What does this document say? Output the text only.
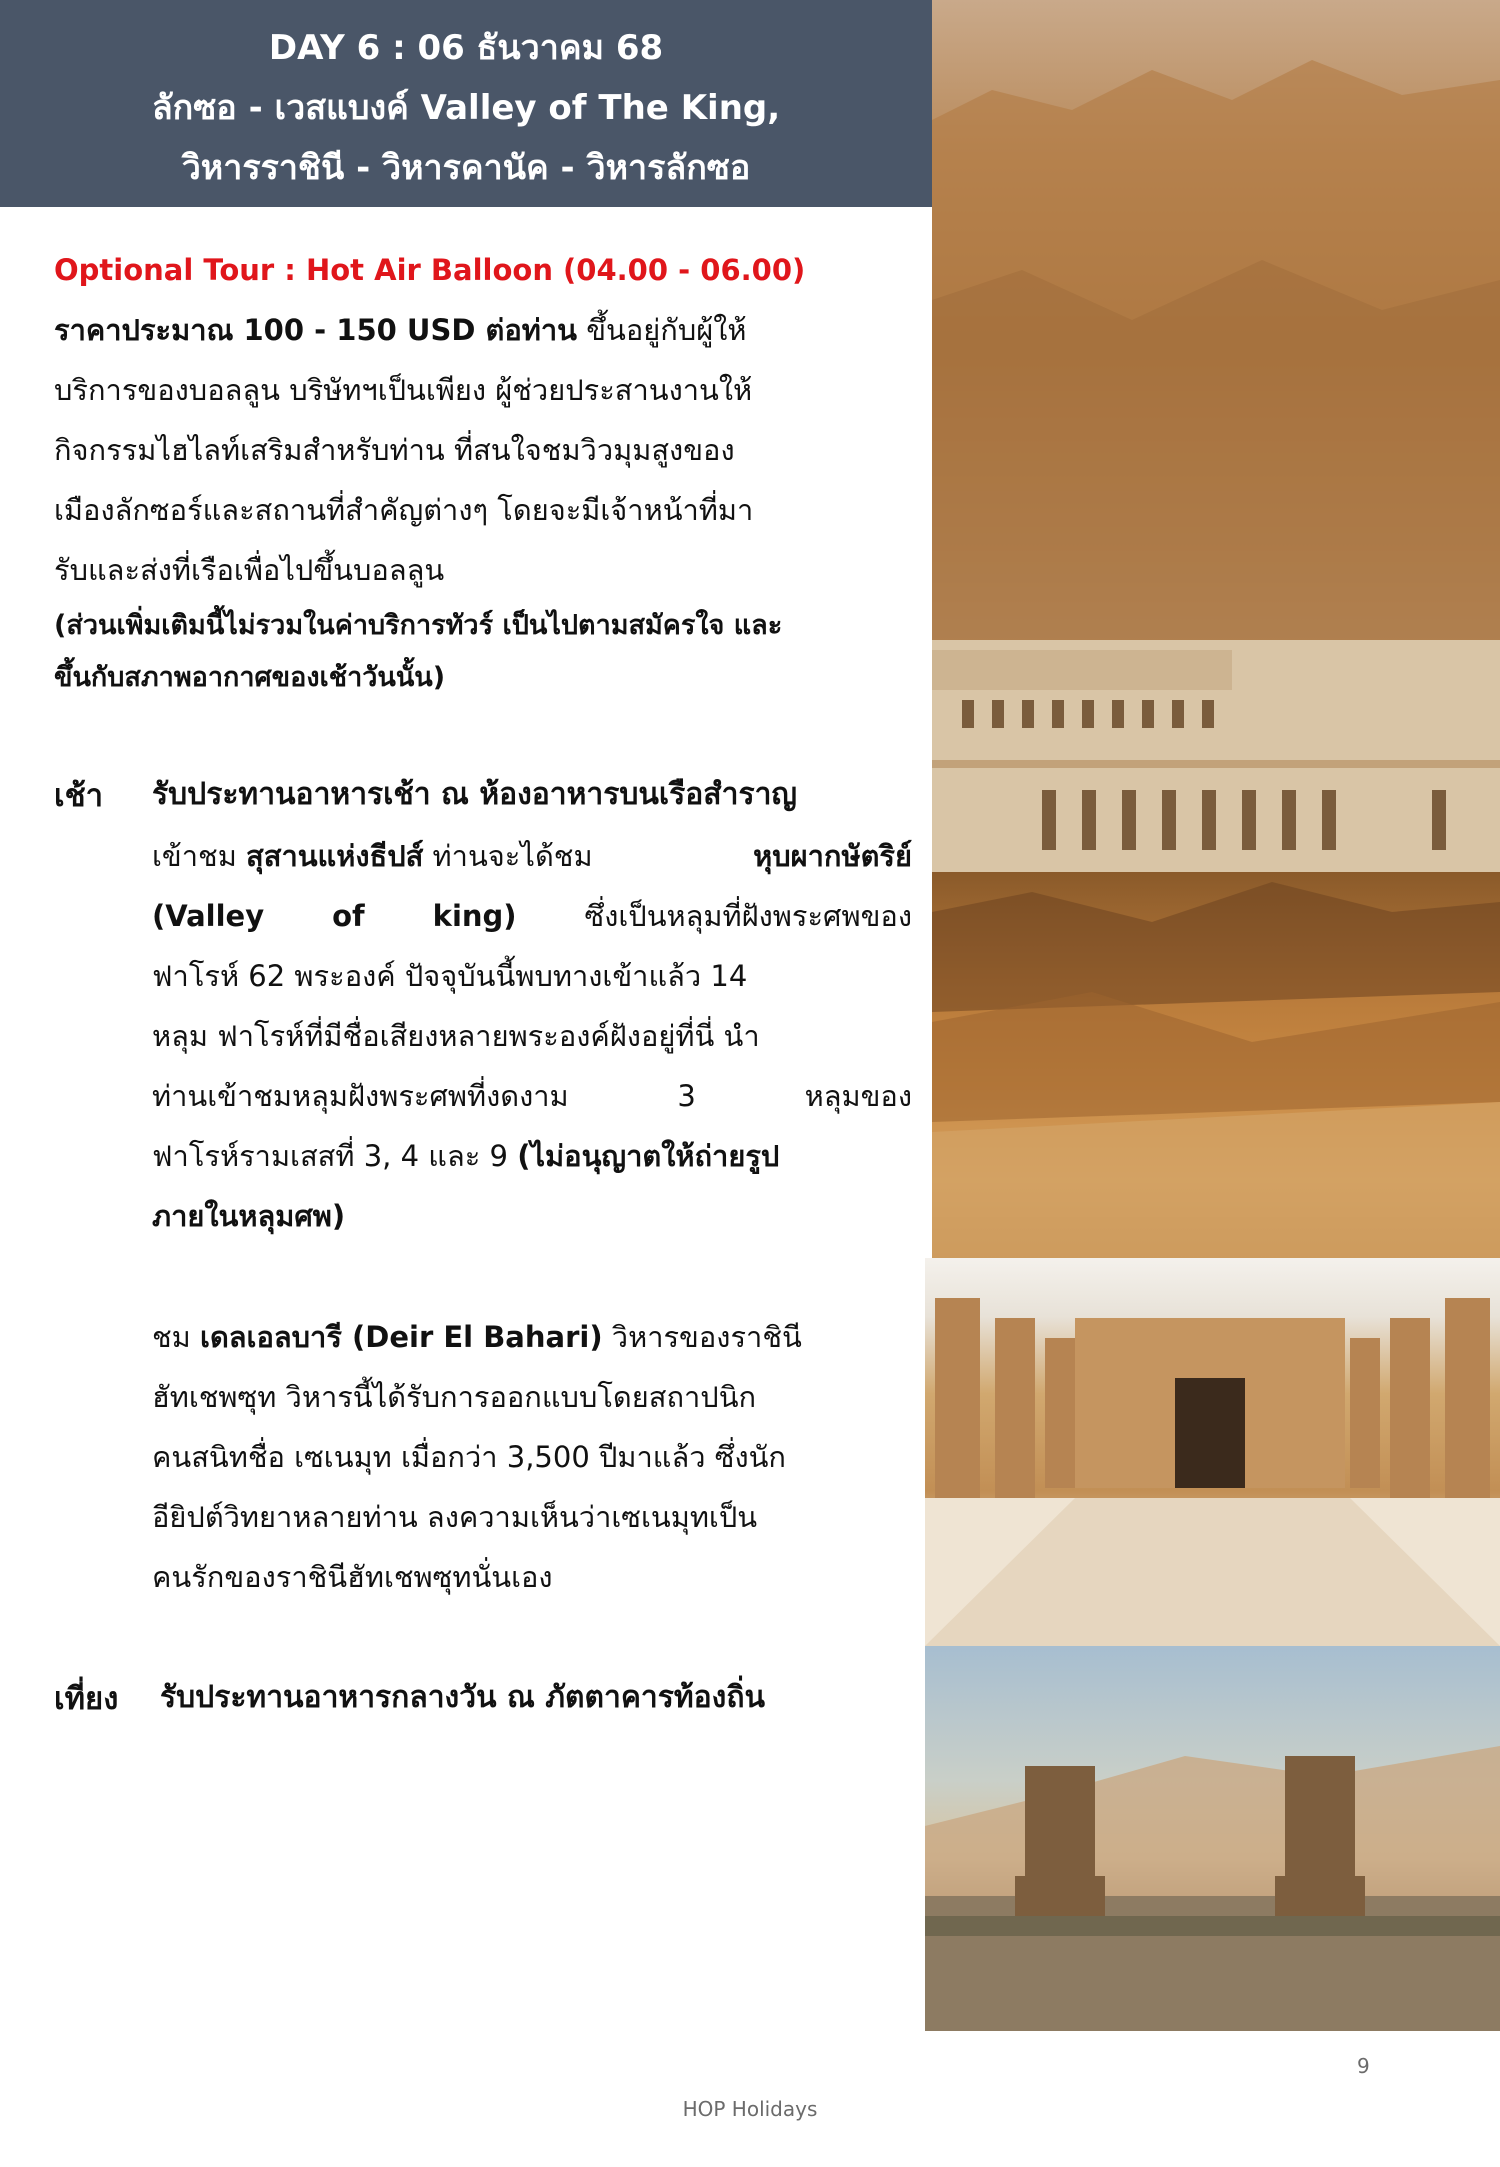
DAY 6 : 06 ธันวาคม 68
ลักซอ - เวสแบงค์ Valley of The King,
วิหารราชินี - วิหารคานัค - วิหารลักซอ
Optional Tour : Hot Air Balloon (04.00 - 06.00)
ราคาประมาณ 100 - 150 USD ต่อท่าน ขึ้นอยู่กับผู้ให้
บริการของบอลลูน บริษัทฯเป็นเพียง ผู้ช่วยประสานงานให้
กิจกรรมไฮไลท์เสริมสำหรับท่าน ที่สนใจชมวิวมุมสูงของ
เมืองลักซอร์และสถานที่สำคัญต่างๆ โดยจะมีเจ้าหน้าที่มา
รับและส่งที่เรือเพื่อไปขึ้นบอลลูน
(ส่วนเพิ่มเติมนี้ไม่รวมในค่าบริการทัวร์ เป็นไปตามสมัครใจ และ
ขึ้นกับสภาพอากาศของเช้าวันนั้น)
เช้า รับประทานอาหารเช้า ณ ห้องอาหารบนเรือสำราญ
เข้าชม สุสานแห่งธีปส์ ท่านจะได้ชม	หุบผากษัตริย์
(Valley of king) ซึ่งเป็นหลุมที่ฝังพระศพของ
ฟาโรห์ 62 พระองค์ ปัจจุบันนี้พบทางเข้าแล้ว 14
หลุม ฟาโรห์ที่มีชื่อเสียงหลายพระองค์ฝังอยู่ที่นี่ นำ
ท่านเข้าชมหลุมฝังพระศพที่งดงาม	3	หลุมของ
ฟาโรห์รามเสสที่ 3, 4 และ 9 (ไม่อนุญาตให้ถ่ายรูป
ภายในหลุมศพ)
ชม เดลเอลบารี (Deir El Bahari) วิหารของราชินี
ฮัทเชพซุท วิหารนี้ได้รับการออกแบบโดยสถาปนิก
คนสนิทชื่อ เซเนมุท เมื่อกว่า 3,500 ปีมาแล้ว ซึ่งนัก
อียิปต์วิทยาหลายท่าน ลงความเห็นว่าเซเนมุทเป็น
คนรักของราชินีฮัทเชพซุทนั่นเอง
เที่ยง รับประทานอาหารกลางวัน ณ ภัตตาคารท้องถิ่น
9
HOP Holidays
